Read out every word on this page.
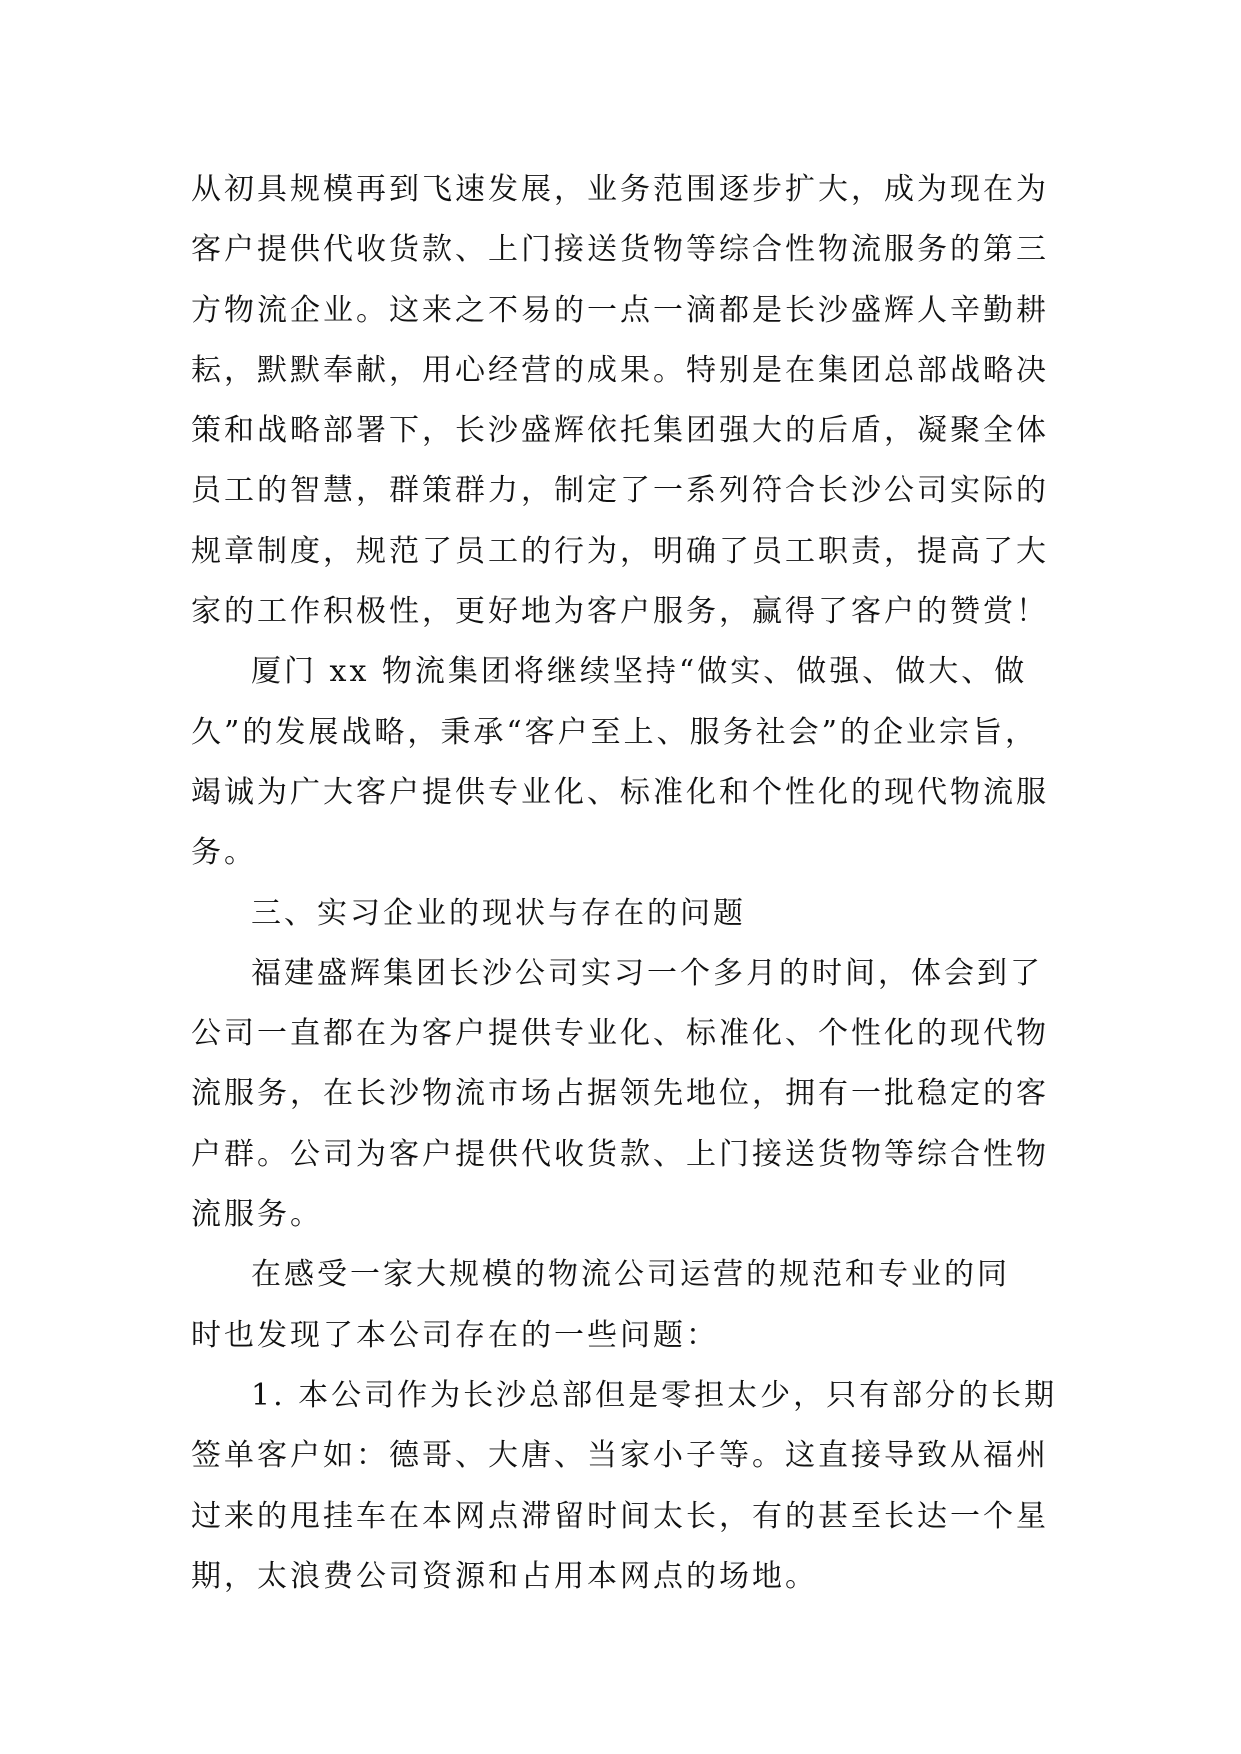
从初具规模再到飞速发展，业务范围逐步扩大，成为现在为
客户提供代收货款、上门接送货物等综合性物流服务的第三
方物流企业。这来之不易的一点一滴都是长沙盛辉人辛勤耕
耘，默默奉献，用心经营的成果。特别是在集团总部战略决
策和战略部署下，长沙盛辉依托集团强大的后盾，凝聚全体
员工的智慧，群策群力，制定了一系列符合长沙公司实际的
规章制度，规范了员工的行为，明确了员工职责，提高了大
家的工作积极性，更好地为客户服务，赢得了客户的赞赏！
厦门 xx 物流集团将继续坚持“做实、做强、做大、做
久”的发展战略，秉承“客户至上、服务社会”的企业宗旨，
竭诚为广大客户提供专业化、标准化和个性化的现代物流服
务。
三、实习企业的现状与存在的问题
福建盛辉集团长沙公司实习一个多月的时间，体会到了
公司一直都在为客户提供专业化、标准化、个性化的现代物
流服务，在长沙物流市场占据领先地位，拥有一批稳定的客
户群。公司为客户提供代收货款、上门接送货物等综合性物
流服务。
在感受一家大规模的物流公司运营的规范和专业的同
时也发现了本公司存在的一些问题：
1. 本公司作为长沙总部但是零担太少，只有部分的长期
签单客户如：德哥、大唐、当家小子等。这直接导致从福州
过来的甩挂车在本网点滞留时间太长，有的甚至长达一个星
期，太浪费公司资源和占用本网点的场地。
